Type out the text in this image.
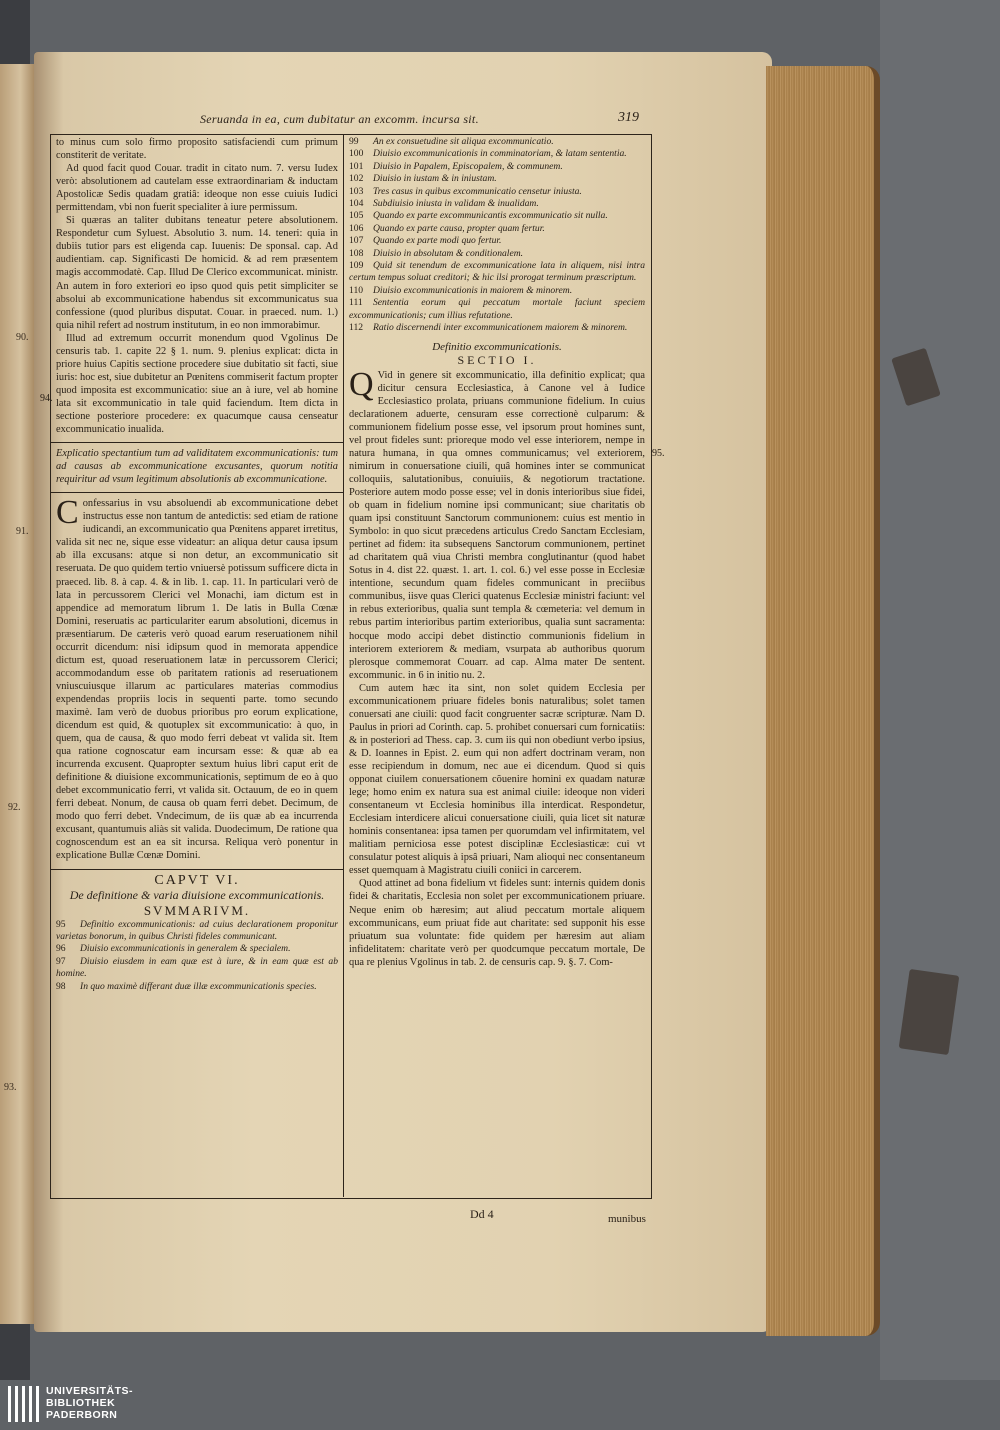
90.
91.
92.
93.
Seruanda in ea, cum dubitatur an excomm. incursa sit.	319

to minus cum solo firmo proposito satisfaciendi cum primum constiterit de veritate.

Ad quod facit quod Couar. tradit in citato num. 7. versu Iudex verò: absolutionem ad cautelam esse extraordinariam & inductam Apostolicæ Sedis quadam gratiâ: ideoque non esse cuiuis Iudici permittendam, vbi non fuerit specialiter à iure permissum.

Si quæras an taliter dubitans teneatur petere absolutionem. Respondetur cum Syluest. Absolutio 3. num. 14. teneri: quia in dubiis tutior pars est eligenda cap. Iuuenis: De sponsal. cap. Ad audientiam. cap. Significasti De homicid. & ad rem præsentem magis accommodatè. Cap. Illud De Clerico excommunicat. ministr. An autem in foro exteriori eo ipso quod quis petit simpliciter se absolui ab excommunicatione habendus sit excommunicatus sua confessione (quod pluribus disputat. Couar. in praeced. num. 1.) quia nihil refert ad nostrum institutum, in eo non immorabimur.

Illud ad extremum occurrit monendum quod Vgolinus De censuris tab. 1. capite 22 § 1. num. 9. plenius explicat: dicta in priore huius Capitis sectione procedere siue dubitatio sit facti, siue iuris: hoc est, siue dubitetur an Pœnitens commiserit factum propter quod imposita est excommunicatio: siue an à iure, vel ab homine lata sit excommunicatio in tale quid faciendum. Item dicta in sectione posteriore procedere: ex quacumque causa censeatur excommunicatio inualida.

Explicatio spectantium tum ad validitatem excommunicationis: tum ad causas ab excommunicatione excusantes, quorum notitia requiritur ad vsum legitimum absolutionis ab excommunicatione.

Confessarius in vsu absoluendi ab excommunicatione debet instructus esse non tantum de antedictis: sed etiam de ratione iudicandi, an excommunicatio qua Pœnitens apparet irretitus, valida sit nec ne, sique esse videatur: an aliqua detur causa ipsum ab illa excusans: atque si non detur, an excommunicatio sit reseruata. De quo quidem tertio vniuersè potissum sufficere dicta in praeced. lib. 8. à cap. 4. & in lib. 1. cap. 11. In particulari verò de lata in percussorem Clerici vel Monachi, iam dictum est in appendice ad memoratum librum 1. De latis in Bulla Cœnæ Domini, reseruatis ac particulariter earum absolutioni, dicemus in præsentiarum. De cæteris verò quoad earum reseruationem nihil occurrit dicendum: nisi idipsum quod in memorata appendice dictum est, quoad reseruationem latæ in percussorem Clerici; accommodandum esse ob paritatem rationis ad reseruationem vniuscuiusque illarum ac particulares materias commodius expendendas propriis locis in sequenti parte. tomo secundo maximè. Iam verò de duobus prioribus pro eorum explicatione, dicendum est quid, & quotuplex sit excommunicatio: à quo, in quem, qua de causa, & quo modo ferri debeat vt valida sit. Item qua ratione cognoscatur eam incursam esse: & quæ ab ea incurrenda excusent. Quapropter sextum huius libri caput erit de definitione & diuisione excommunicationis, septimum de eo à quo debet excommunicatio ferri, vt valida sit. Octauum, de eo in quem ferri debeat. Nonum, de causa ob quam ferri debet. Decimum, de modo quo ferri debet. Vndecimum, de iis quæ ab ea incurrenda excusant, quantumuis aliàs sit valida. Duodecimum, De ratione qua cognoscendum est an ea sit incursa. Reliqua verò ponentur in explicatione Bullæ Cœnæ Domini.

CAPVT VI.
De definitione & varia diuisione excommunicationis.
SVMMARIVM.
95 Definitio excommunicationis: ad cuius declarationem proponitur varietas bonorum, in quibus Christi fideles communicant.
96 Diuisio excommunicationis in generalem & specialem.
97 Diuisio eiusdem in eam quæ est à iure, & in eam quæ est ab homine.
98 In quo maximè differant duæ illæ excommunicationis species.
99 An ex consuetudine sit aliqua excommunicatio.
100 Diuisio excommunicationis in comminatoriam, & latam sententia.
101 Diuisio in Papalem, Episcopalem, & communem.
102 Diuisio in iustam & in iniustam.
103 Tres casus in quibus excommunicatio censetur iniusta.
104 Subdiuisio iniusta in validam & inualidam.
105 Quando ex parte excommunicantis excommunicatio sit nulla.
106 Quando ex parte causa, propter quam fertur.
107 Quando ex parte modi quo fertur.
108 Diuisio in absolutam & conditionalem.
109 Quid sit tenendum de excommunicatione lata in aliquem, nisi intra certum tempus soluat creditori; & hic ilsi prorogat terminum præscriptum.
110 Diuisio excommunicationis in maiorem & minorem.
111 Sententia eorum qui peccatum mortale faciunt speciem excommunicationis; cum illius refutatione.
112 Ratio discernendi inter excommunicationem maiorem & minorem.
Definitio excommunicationis.
SECTIO I.

Q Vid in genere sit excommunicatio, illa definitio explicat; qua dicitur censura Ecclesiastica, à Canone vel à Iudice Ecclesiastico prolata, priuans communione fidelium. In cuius declarationem aduerte, censuram esse correctionè culparum: & communionem fidelium posse esse, vel ipsorum prout homines sunt, vel prout fideles sunt: prioreque modo vel esse interiorem, nempe in natura humana, in qua omnes communicamus; vel exteriorem, nimirum in conuersatione ciuili, quâ homines inter se communicat colloquiis, salutationibus, conuiuiis, & negotiorum tractatione. Posteriore autem modo posse esse; vel in donis interioribus siue fidei, ob quam in fidelium nomine ipsi communicant; siue charitatis ob quam ipsi constituunt Sanctorum communionem: cuius est mentio in Symbolo: in quo sicut præcedens articulus Credo Sanctam Ecclesiam, pertinet ad fidem: ita subsequens Sanctorum communionem, pertinet ad charitatem quâ viua Christi membra conglutinantur (quod habet Sotus in 4. dist 22. quæst. 1. art. 1. col. 6.) vel esse posse in Ecclesiæ intentione, secundum quam fideles communicant in preciibus communibus, iisve quas Clerici quatenus Ecclesiæ ministri faciunt: vel in rebus exterioribus, qualia sunt templa & cœmeteria: vel demum in rebus partim interioribus partim exterioribus, qualia sunt sacramenta: hocque modo accipi debet distinctio communionis fidelium in interiorem exteriorem & mediam, vsurpata ab authoribus quorum plerosque commemorat Couarr. ad cap. Alma mater De sentent. excommunic. in 6 in initio nu. 2.

Cum autem hæc ita sint, non solet quidem Ecclesia per excommunicationem priuare fideles bonis naturalibus; solet tamen conuersati ane ciuili: quod facit congruenter sacræ scripturæ. Nam D. Paulus in priori ad Corinth. cap. 5. prohibet conuersari cum fornicatiis: & in posteriori ad Thess. cap. 3. cum iis qui non obediunt verbo ipsius, & D. Ioannes in Epist. 2. eum qui non adfert doctrinam veram, non esse recipiendum in domum, nec aue ei dicendum. Quod si quis opponat ciuilem conuersationem cõuenire homini ex quadam naturæ lege; homo enim ex natura sua est animal ciuile: ideoque non videri consentaneum vt Ecclesia hominibus illa interdicat. Respondetur, Ecclesiam interdicere alicui conuersatione ciuili, quia licet sit naturæ hominis consentanea: ipsa tamen per quorumdam vel infirmitatem, vel malitiam perniciosa esse potest disciplinæ Ecclesiasticæ: cui vt consulatur potest aliquis à ipsâ priuari, Nam alioqui nec consentaneum esset quemquam à Magistratu ciuili coniici in carcerem.

Quod attinet ad bona fidelium vt fideles sunt: internis quidem donis fidei & charitatis, Ecclesia non solet per excommunicationem priuare. Neque enim ob hæresim; aut aliud peccatum mortale aliquem excommunicans, eum priuat fide aut charitate: sed supponit his esse priuatum sua voluntate: fide quidem per hæresim aut aliam infidelitatem: charitate verò per quodcumque peccatum mortale, De qua re plenius Vgolinus in tab. 2. de censuris cap. 9. §. 7. Com-

94.
95.
Dd 4	munibus
UNIVERSITÄTS-
BIBLIOTHEK
PADERBORN
